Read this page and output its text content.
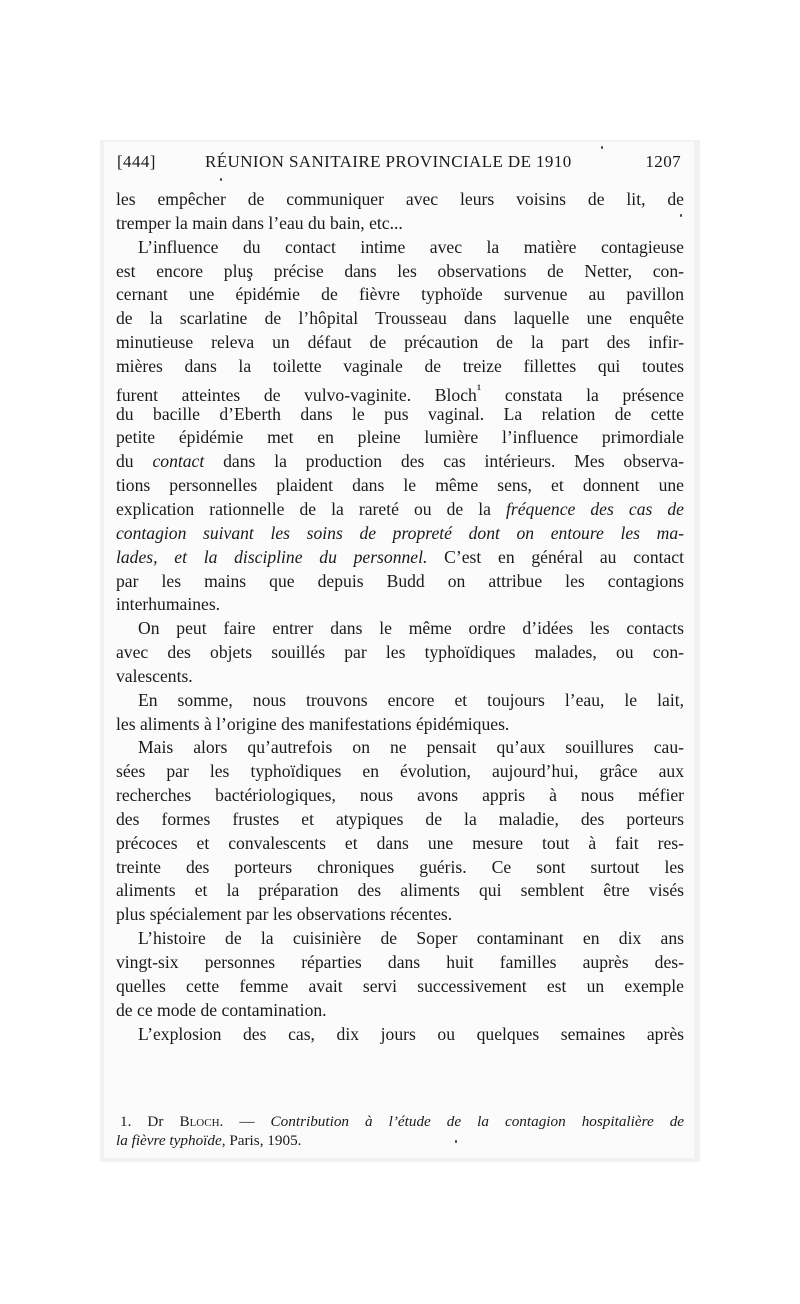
[444]	RÉUNION SANITAIRE PROVINCIALE DE 1910	1207
les empêcher de communiquer avec leurs voisins de lit, de
tremper la main dans l’eau du bain, etc...
L’influence du contact intime avec la matière contagieuse
est encore pluş précise dans les observations de Netter, con-
cernant une épidémie de fièvre typhoïde survenue au pavillon
de la scarlatine de l’hôpital Trousseau dans laquelle une enquête
minutieuse releva un défaut de précaution de la part des infir-
mières dans la toilette vaginale de treize fillettes qui toutes
furent atteintes de vulvo-vaginite. Bloch$^{^1}$ constata la présence
du bacille d’Eberth dans le pus vaginal. La relation de cette
petite épidémie met en pleine lumière l’influence primordiale
du contact dans la production des cas intérieurs. Mes observa-
tions personnelles plaident dans le même sens, et donnent une
explication rationnelle de la rareté ou de la fréquence des cas de
contagion suivant les soins de propreté dont on entoure les ma-
lades, et la discipline du personnel. C’est en général au contact
par les mains que depuis Budd on attribue les contagions
interhumaines.
On peut faire entrer dans le même ordre d’idées les contacts
avec des objets souillés par les typhoïdiques malades, ou con-
valescents.
En somme, nous trouvons encore et toujours l’eau, le lait,
les aliments à l’origine des manifestations épidémiques.
Mais alors qu’autrefois on ne pensait qu’aux souillures cau-
sées par les typhoïdiques en évolution, aujourd’hui, grâce aux
recherches bactériologiques, nous avons appris à nous méfier
des formes frustes et atypiques de la maladie, des porteurs
précoces et convalescents et dans une mesure tout à fait res-
treinte des porteurs chroniques guéris. Ce sont surtout les
aliments et la préparation des aliments qui semblent être visés
plus spécialement par les observations récentes.
L’histoire de la cuisinière de Soper contaminant en dix ans
vingt-six personnes réparties dans huit familles auprès des-
quelles cette femme avait servi successivement est un exemple
de ce mode de contamination.
L’explosion des cas, dix jours ou quelques semaines après
1. Dr Bloch. — Contribution à l’étude de la contagion hospitalière de
la fièvre typhoïde, Paris, 1905.
